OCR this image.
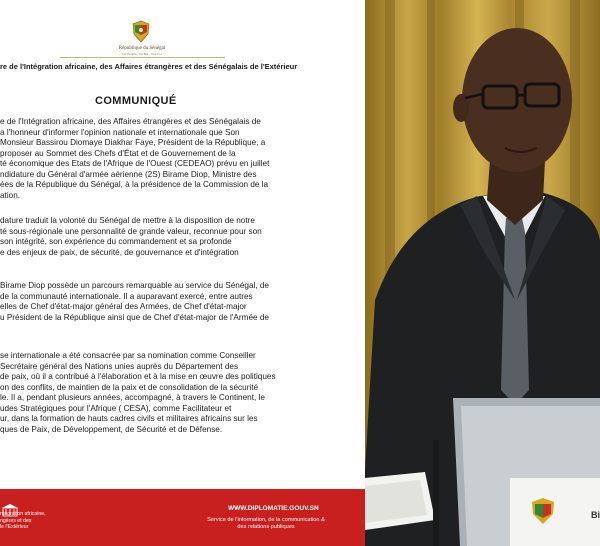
République du Sénégal
Un Peuple - Un But - Une Foi
re de l'Intégration africaine, des Affaires étrangères et des Sénégalais de l'Extérieur
COMMUNIQUÉ
e de l'Intégration africaine, des Affaires étrangères et des Sénégalais de
a l'honneur d'informer l'opinion nationale et internationale que Son
Monsieur Bassirou Diomaye Diakhar Faye, Président de la République, a
proposer au Sommet des Chefs d'État et de Gouvernement de la
té économique des Etats de l'Afrique de l'Ouest (CEDEAO) prévu en juillet
ndidature du Général d'armée aérienne (2S) Birame Diop, Ministre des
ées de la République du Sénégal, à la présidence de la Commission de la
ation.
dature traduit la volonté du Sénégal de mettre à la disposition de notre
té sous-régionale une personnalité de grande valeur, reconnue pour son
son intégrité, son expérience du commandement et sa profonde
e des enjeux de paix, de sécurité, de gouvernance et d'intégration
Birame Diop possède un parcours remarquable au service du Sénégal, de
de la communauté internationale. Il a auparavant exercé, entre autres
elles de Chef d'état-major général des Armées, de Chef d'état-major
u Président de la République ainsi que de Chef d'état-major de l'Armée de
se internationale a été consacrée par sa nomination comme Conseiller
Secrétaire général des Nations unies auprès du Département des
de paix, où il a contribué à l'élaboration et à la mise en œuvre des politiques
on des conflits, de maintien de la paix et de consolidation de la sécurité
le. Il a, pendant plusieurs années, accompagné, à travers le Continent, le
udes Stratégiques pour l'Afrique ( CESA), comme Facilitateur et
ur, dans la formation de hauts cadres civils et militaires africains sur les
ques de Paix, de Développement, de Sécurité et de Défense.
ntégration africaine,
ngères et des
le l'Extérieur
WWW.DIPLOMATIE.GOUV.SN
Service de l'information, de la communication &
des relations publiques
Bi
